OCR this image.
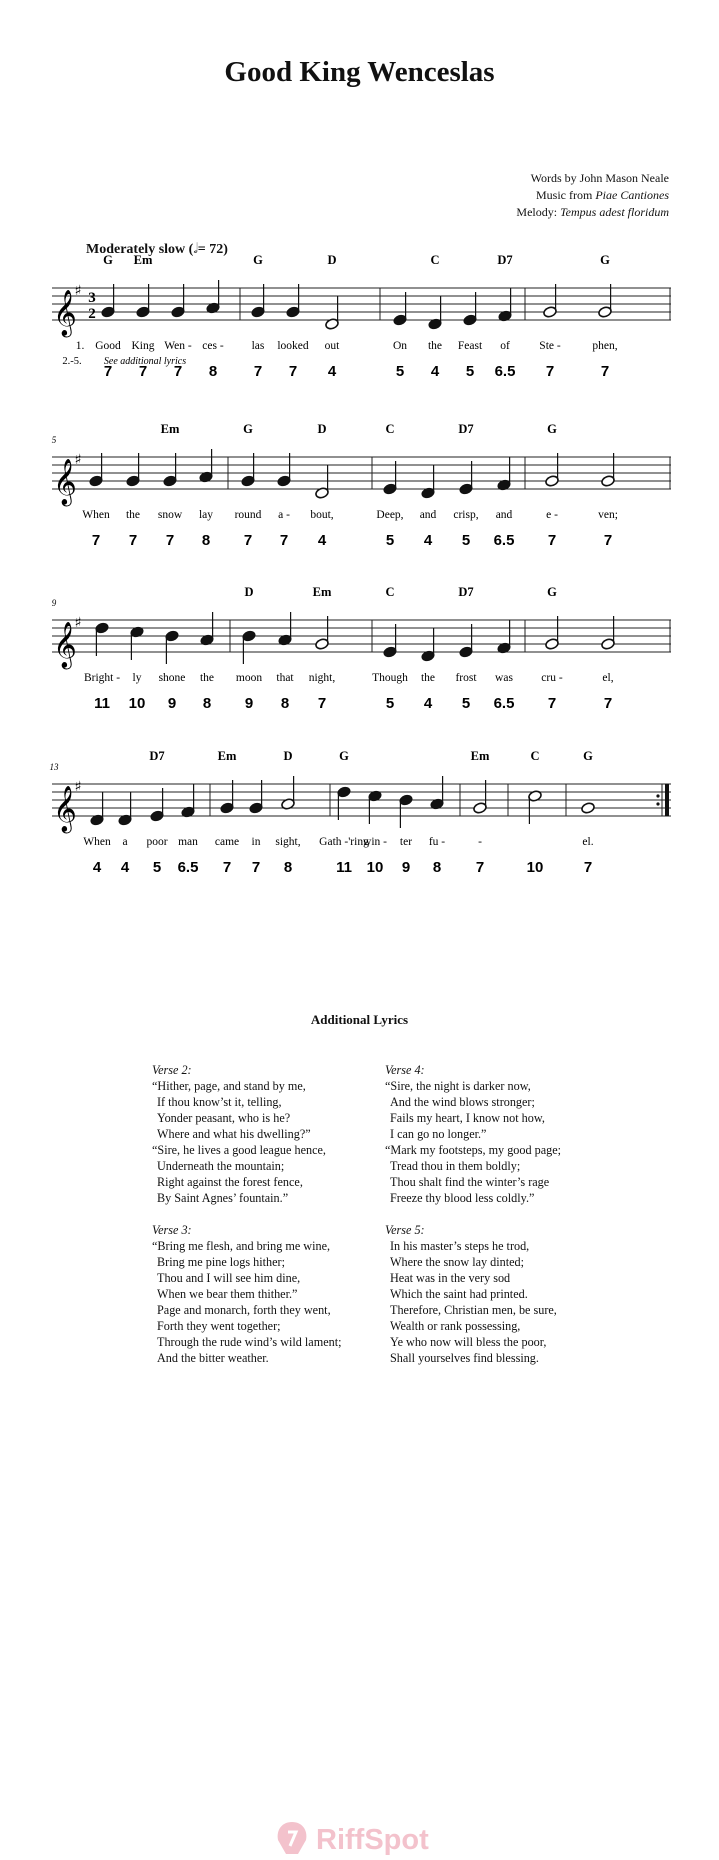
Good King Wenceslas
Words by John Mason Neale
Music from Piae Cantiones
Melody: Tempus adest floridum
Moderately slow (𝅗𝅥= 72)
𝄞
♯ 3
2
G Em	G	D	C	D7	G
Good King Wen - ces - las looked out	On the Feast of	Ste -	phen,
7 7 7 8 7 7 4	5 4 5 6.5 7	7
𝄞
♯
5
Em	G	D	C	D7	G
When the snow lay round a - bout,	Deep, and crisp, and	e -	ven;
7 7 7 8 7 7 4	5 4 5 6.5 7	7
𝄞
♯
9
D	Em	C	D7	G
Bright - ly shone the moon that night,	Though the frost was cru -	el,
11 10 9 8 9 8 7	5 4 5 6.5 7	7
𝄞
♯
13
D7	Em	D	G	Em	C	G
When a poor man came in sight, Gath -'ring
win - ter fu -	-	el.
4 4 5 6.5 7 7 8	11 10 9 8 7	10	7
1.
2.-5. See additional lyrics
Additional Lyrics
Verse 2:
“Hither, page, and stand by me,
If thou know’st it, telling,
Yonder peasant, who is he?
Where and what his dwelling?”
“Sire, he lives a good league hence,
Underneath the mountain;
Right against the forest fence,
By Saint Agnes’ fountain.”
Verse 3:
“Bring me flesh, and bring me wine,
Bring me pine logs hither;
Thou and I will see him dine,
When we bear them thither.”
Page and monarch, forth they went,
Forth they went together;
Through the rude wind’s wild lament;
And the bitter weather.
Verse 4:
“Sire, the night is darker now,
And the wind blows stronger;
Fails my heart, I know not how,
I can go no longer.”
“Mark my footsteps, my good page;
Tread thou in them boldly;
Thou shalt find the winter’s rage
Freeze thy blood less coldly.”
Verse 5:
In his master’s steps he trod,
Where the snow lay dinted;
Heat was in the very sod
Which the saint had printed.
Therefore, Christian men, be sure,
Wealth or rank possessing,
Ye who now will bless the poor,
Shall yourselves find blessing.
RiffSpot
